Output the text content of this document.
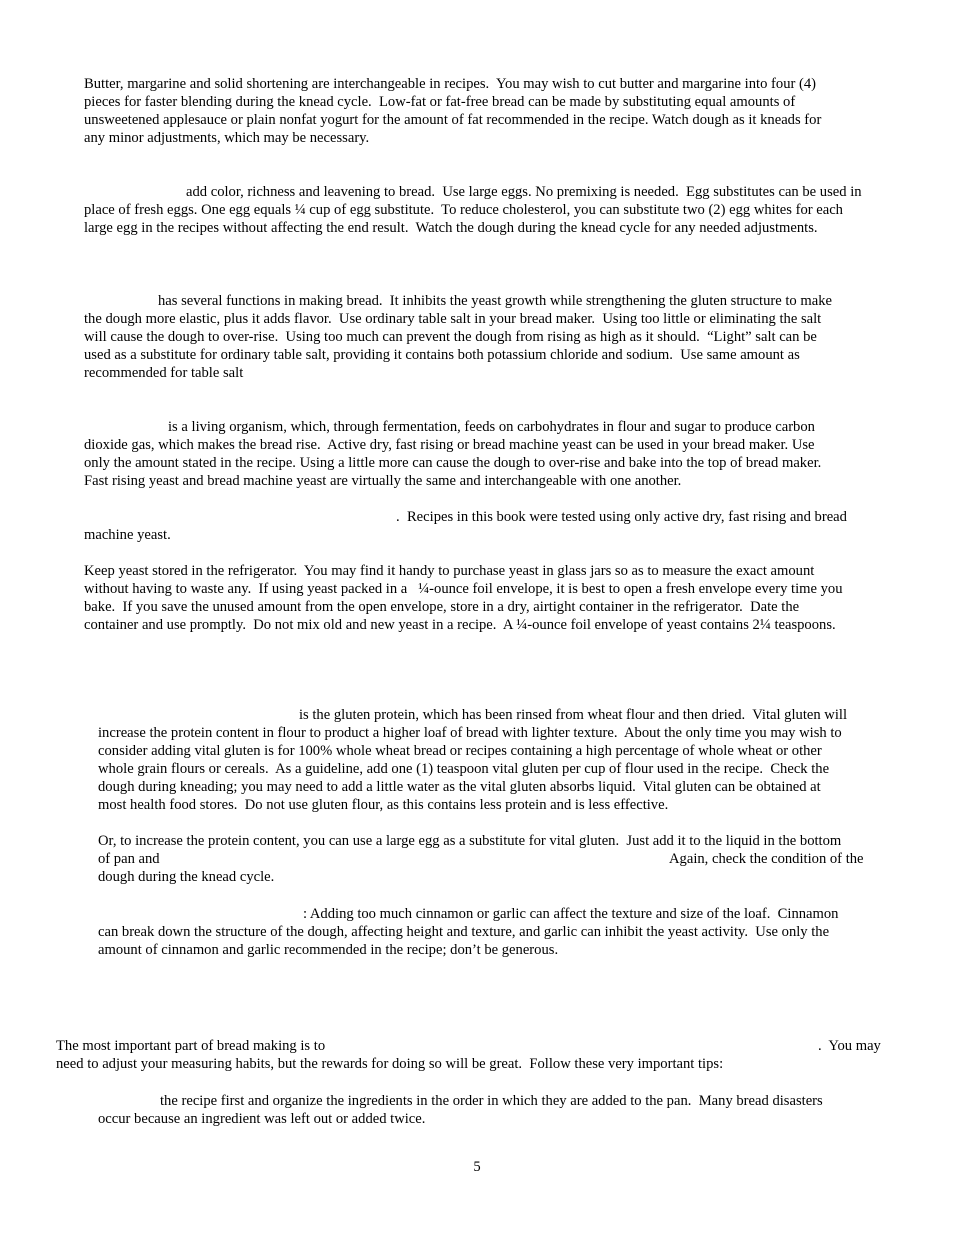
Butter, margarine and solid shortening are interchangeable in recipes.  You may wish to cut butter and margarine into four (4)
pieces for faster blending during the knead cycle.  Low-fat or fat-free bread can be made by substituting equal amounts of
unsweetened applesauce or plain nonfat yogurt for the amount of fat recommended in the recipe. Watch dough as it kneads for
any minor adjustments, which may be necessary.
add color, richness and leavening to bread.  Use large eggs. No premixing is needed.  Egg substitutes can be used in
place of fresh eggs. One egg equals ¼ cup of egg substitute.  To reduce cholesterol, you can substitute two (2) egg whites for each
large egg in the recipes without affecting the end result.  Watch the dough during the knead cycle for any needed adjustments.
has several functions in making bread.  It inhibits the yeast growth while strengthening the gluten structure to make
the dough more elastic, plus it adds flavor.  Use ordinary table salt in your bread maker.  Using too little or eliminating the salt
will cause the dough to over-rise.  Using too much can prevent the dough from rising as high as it should.  “Light” salt can be
used as a substitute for ordinary table salt, providing it contains both potassium chloride and sodium.  Use same amount as
recommended for table salt
is a living organism, which, through fermentation, feeds on carbohydrates in flour and sugar to produce carbon
dioxide gas, which makes the bread rise.  Active dry, fast rising or bread machine yeast can be used in your bread maker. Use
only the amount stated in the recipe. Using a little more can cause the dough to over-rise and bake into the top of bread maker.
Fast rising yeast and bread machine yeast are virtually the same and interchangeable with one another.
.  Recipes in this book were tested using only active dry, fast rising and bread
machine yeast.
Keep yeast stored in the refrigerator.  You may find it handy to purchase yeast in glass jars so as to measure the exact amount
without having to waste any.  If using yeast packed in a   ¼-ounce foil envelope, it is best to open a fresh envelope every time you
bake.  If you save the unused amount from the open envelope, store in a dry, airtight container in the refrigerator.  Date the
container and use promptly.  Do not mix old and new yeast in a recipe.  A ¼-ounce foil envelope of yeast contains 2¼ teaspoons.
is the gluten protein, which has been rinsed from wheat flour and then dried.  Vital gluten will
increase the protein content in flour to product a higher loaf of bread with lighter texture.  About the only time you may wish to
consider adding vital gluten is for 100% whole wheat bread or recipes containing a high percentage of whole wheat or other
whole grain flours or cereals.  As a guideline, add one (1) teaspoon vital gluten per cup of flour used in the recipe.  Check the
dough during kneading; you may need to add a little water as the vital gluten absorbs liquid.  Vital gluten can be obtained at
most health food stores.  Do not use gluten flour, as this contains less protein and is less effective.
Or, to increase the protein content, you can use a large egg as a substitute for vital gluten.  Just add it to the liquid in the bottom
of pan and	Again, check the condition of the
dough during the knead cycle.
: Adding too much cinnamon or garlic can affect the texture and size of the loaf.  Cinnamon
can break down the structure of the dough, affecting height and texture, and garlic can inhibit the yeast activity.  Use only the
amount of cinnamon and garlic recommended in the recipe; don’t be generous.
The most important part of bread making is to	.  You may
need to adjust your measuring habits, but the rewards for doing so will be great.  Follow these very important tips:
the recipe first and organize the ingredients in the order in which they are added to the pan.  Many bread disasters
occur because an ingredient was left out or added twice.
5
